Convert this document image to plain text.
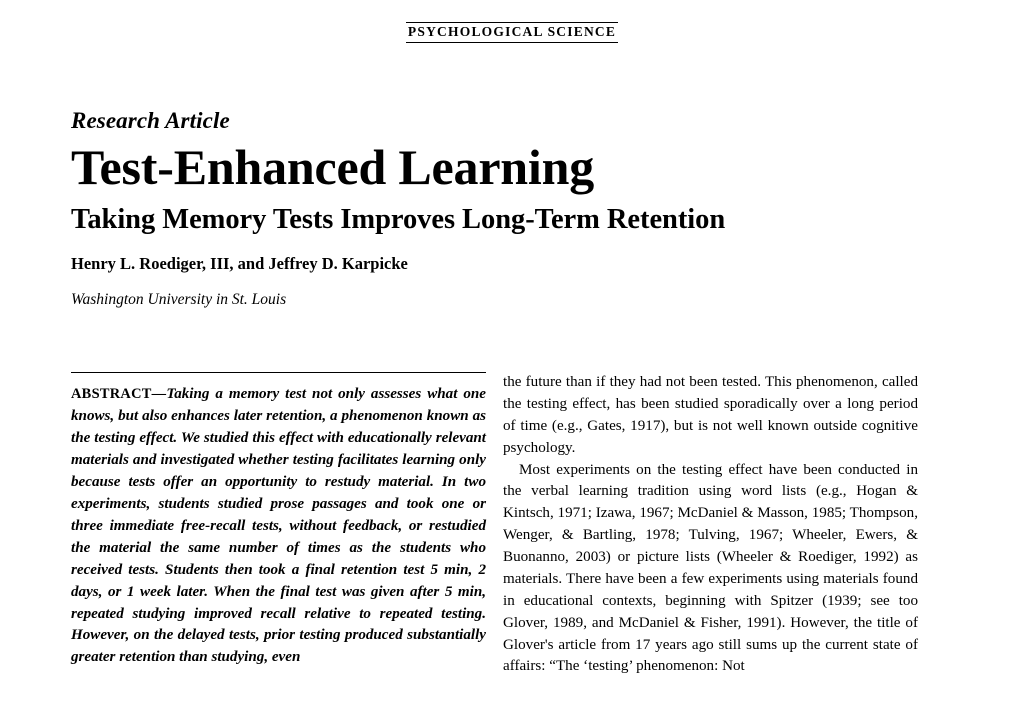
PSYCHOLOGICAL SCIENCE

Research Article

Test-Enhanced Learning
Taking Memory Tests Improves Long-Term Retention

Henry L. Roediger, III, and Jeffrey D. Karpicke

Washington University in St. Louis

ABSTRACT—Taking a memory test not only assesses what one knows, but also enhances later retention, a phenomenon known as the testing effect. We studied this effect with educationally relevant materials and investigated whether testing facilitates learning only because tests offer an opportunity to restudy material. In two experiments, students studied prose passages and took one or three immediate free-recall tests, without feedback, or restudied the material the same number of times as the students who received tests. Students then took a final retention test 5 min, 2 days, or 1 week later. When the final test was given after 5 min, repeated studying improved recall relative to repeated testing. However, on the delayed tests, prior testing produced substantially greater retention than studying, even

the future than if they had not been tested. This phenomenon, called the testing effect, has been studied sporadically over a long period of time (e.g., Gates, 1917), but is not well known outside cognitive psychology.

Most experiments on the testing effect have been conducted in the verbal learning tradition using word lists (e.g., Hogan & Kintsch, 1971; Izawa, 1967; McDaniel & Masson, 1985; Thompson, Wenger, & Bartling, 1978; Tulving, 1967; Wheeler, Ewers, & Buonanno, 2003) or picture lists (Wheeler & Roediger, 1992) as materials. There have been a few experiments using materials found in educational contexts, beginning with Spitzer (1939; see too Glover, 1989, and McDaniel & Fisher, 1991). However, the title of Glover's article from 17 years ago still sums up the current state of affairs: “The ‘testing’ phenomenon: Not
